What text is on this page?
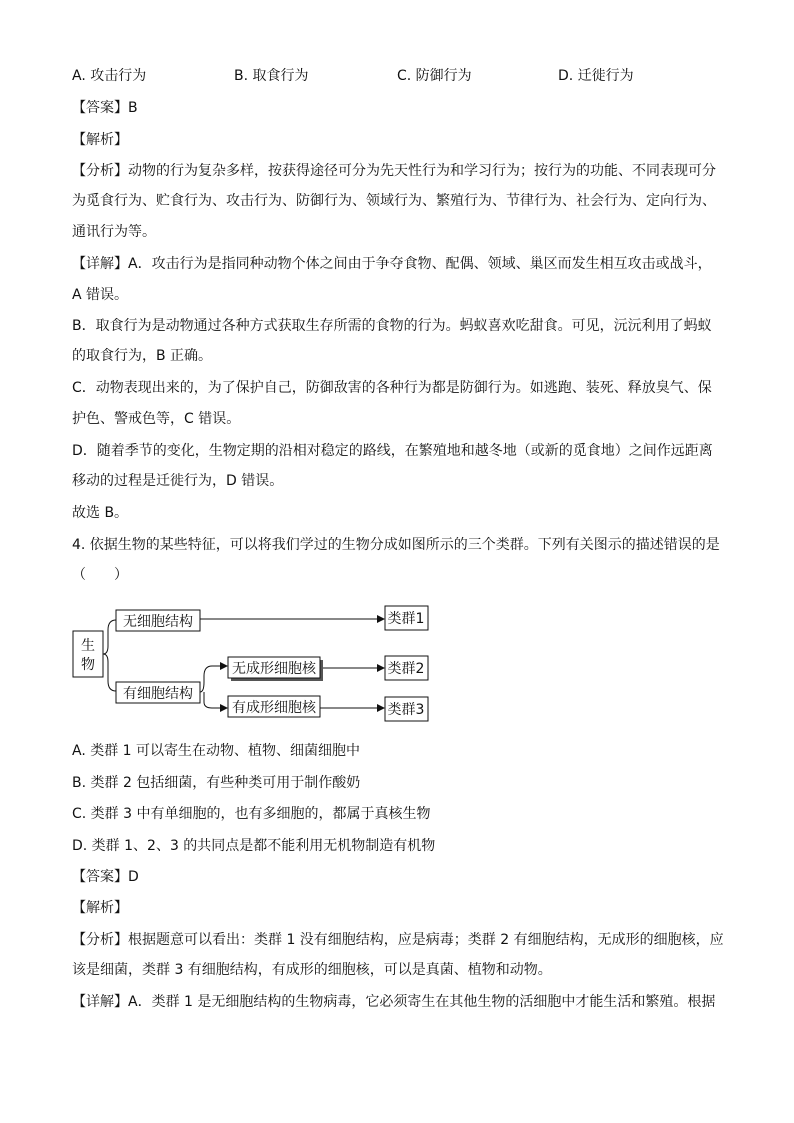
A. 攻击行为	B. 取食行为	C. 防御行为	D. 迁徙行为
【答案】B
【解析】
【分析】动物的行为复杂多样，按获得途径可分为先天性行为和学习行为；按行为的功能、不同表现可分
为觅食行为、贮食行为、攻击行为、防御行为、领域行为、繁殖行为、节律行为、社会行为、定向行为、
通讯行为等。
【详解】A．攻击行为是指同种动物个体之间由于争夺食物、配偶、领域、巢区而发生相互攻击或战斗，
A 错误。
B．取食行为是动物通过各种方式获取生存所需的食物的行为。蚂蚁喜欢吃甜食。可见，沅沅利用了蚂蚁
的取食行为，B 正确。
C．动物表现出来的，为了保护自己，防御敌害的各种行为都是防御行为。如逃跑、装死、释放臭气、保
护色、警戒色等，C 错误。
D．随着季节的变化，生物定期的沿相对稳定的路线，在繁殖地和越冬地（或新的觅食地）之间作远距离
移动的过程是迁徙行为，D 错误。
故选 B。
4. 依据生物的某些特征，可以将我们学过的生物分成如图所示的三个类群。下列有关图示的描述错误的是
（　　）
生
物
无细胞结构
有细胞结构
无成形细胞核
有成形细胞核
类群1
类群2
类群3
A. 类群 1 可以寄生在动物、植物、细菌细胞中
B. 类群 2 包括细菌，有些种类可用于制作酸奶
C. 类群 3 中有单细胞的，也有多细胞的，都属于真核生物
D. 类群 1、2、3 的共同点是都不能利用无机物制造有机物
【答案】D
【解析】
【分析】根据题意可以看出：类群 1 没有细胞结构，应是病毒；类群 2 有细胞结构，无成形的细胞核，应
该是细菌，类群 3 有细胞结构，有成形的细胞核，可以是真菌、植物和动物。
【详解】A．类群 1 是无细胞结构的生物病毒，它必须寄生在其他生物的活细胞中才能生活和繁殖。根据
